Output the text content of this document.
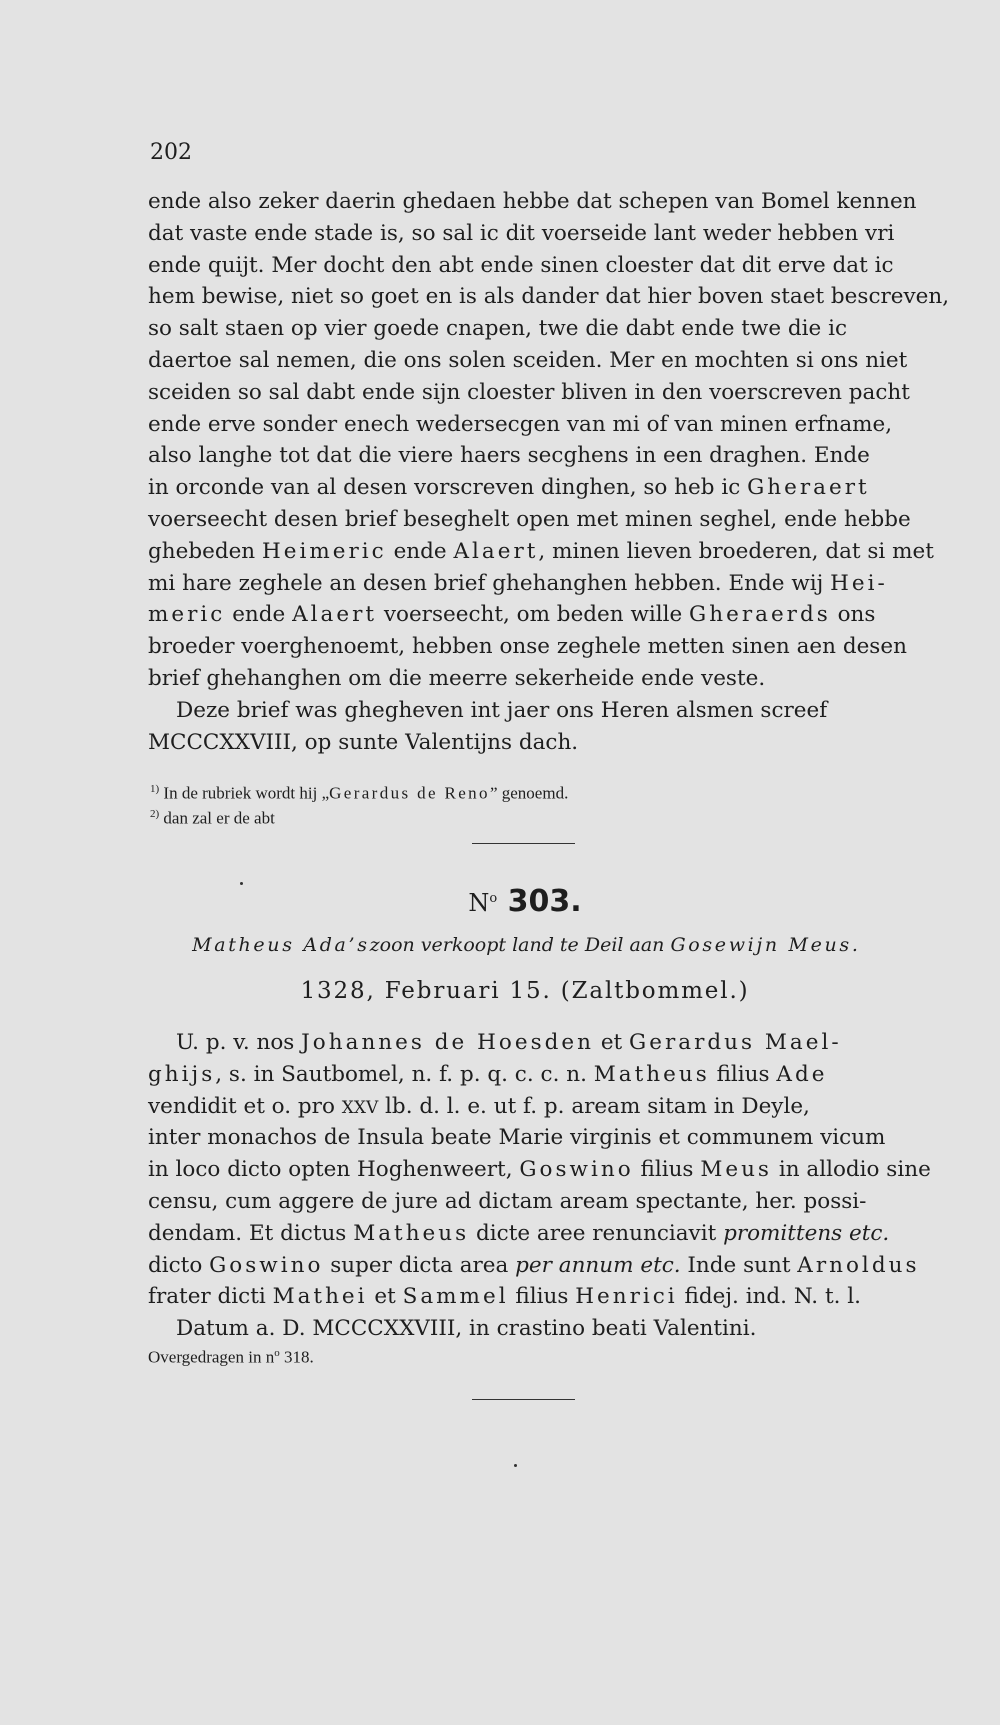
202
ende also zeker daerin ghedaen hebbe dat schepen van Bomel kennen
dat vaste ende stade is, so sal ic dit voerseide lant weder hebben vri
ende quijt. Mer docht den abt ende sinen cloester dat dit erve dat ic
hem bewise, niet so goet en is als dander dat hier boven staet bescreven,
so salt staen op vier goede cnapen, twe die dabt ende twe die ic
daertoe sal nemen, die ons solen sceiden. Mer en mochten si ons niet
sceiden so sal dabt ende sijn cloester bliven in den voerscreven pacht
ende erve sonder enech wedersecgen van mi of van minen erfname,
also langhe tot dat die viere haers secghens in een draghen. Ende
in orconde van al desen vorscreven dinghen, so heb ic Gheraert
voerseecht desen brief beseghelt open met minen seghel, ende hebbe
ghebeden Heimeric ende Alaert, minen lieven broederen, dat si met
mi hare zeghele an desen brief ghehanghen hebben. Ende wij Hei-
meric ende Alaert voerseecht, om beden wille Gheraerds ons
broeder voerghenoemt, hebben onse zeghele metten sinen aen desen
brief ghehanghen om die meerre sekerheide ende veste.
Deze brief was ghegheven int jaer ons Heren alsmen screef
MCCCXXVIII, op sunte Valentijns dach.
$^{1)}$ In de rubriek wordt hij „Gerardus de Reno” genoemd.
$^{2)}$ dan zal er de abt
$N^o$ 303.
Matheus Ada’szoon verkoopt land te Deil aan Gosewijn Meus.
1328, Februari 15. (Zaltbommel.)
U. p. v. nos Johannes de Hoesden et Gerardus Mael-
ghijs, s. in Sautbomel, n. f. p. q. c. c. n. Matheus filius Ade
vendidit et o. pro XXV lb. d. l. e. ut f. p. aream sitam in Deyle,
inter monachos de Insula beate Marie virginis et communem vicum
in loco dicto opten Hoghenweert, Goswino filius Meus in allodio sine
censu, cum aggere de jure ad dictam aream spectante, her. possi-
dendam. Et dictus Matheus dicte aree renunciavit promittens etc.
dicto Goswino super dicta area per annum etc. Inde sunt Arnoldus
frater dicti Mathei et Sammel filius Henrici fidej. ind. N. t. l.
Datum a. D. MCCCXXVIII, in crastino beati Valentini.
Overgedragen in $n^o$ 318.
